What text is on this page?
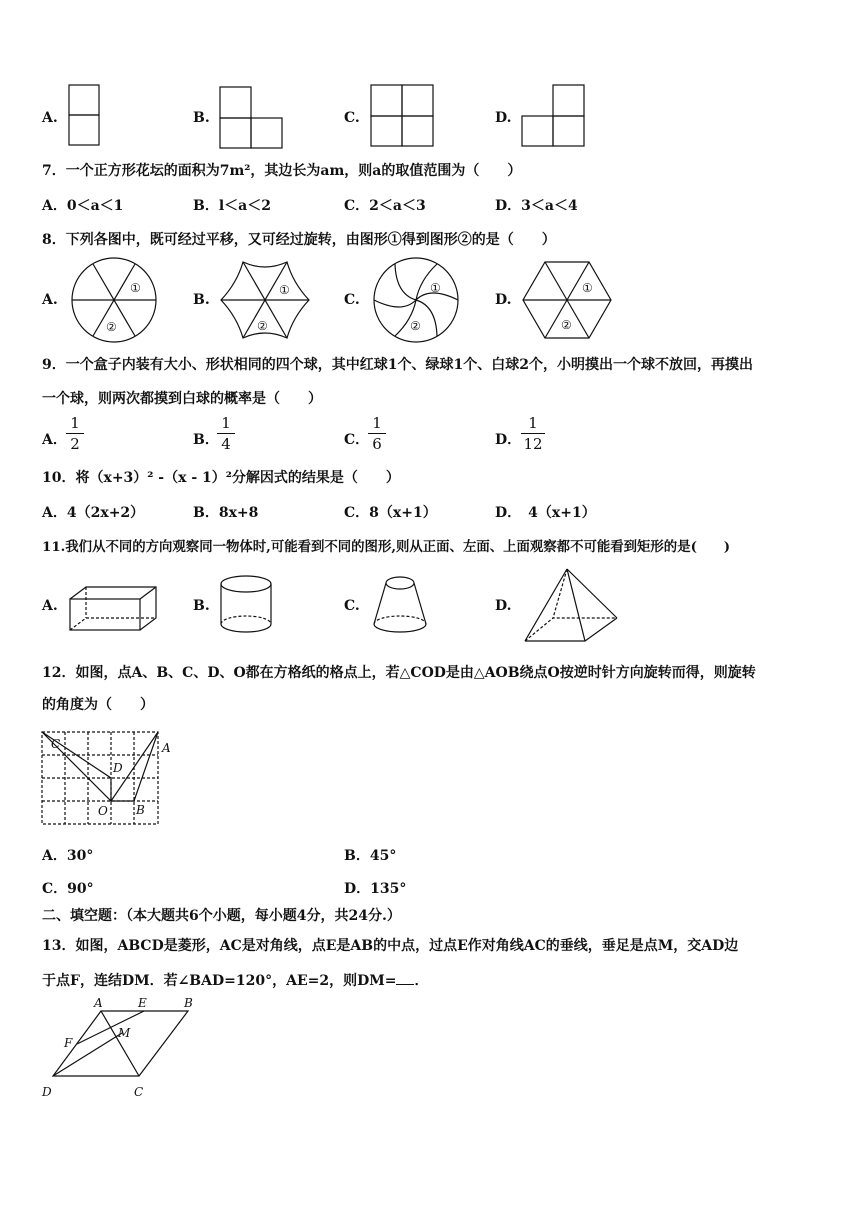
A.	B.	C.	D.
7．一个正方形花坛的面积为7m²，其边长为am，则a的取值范围为（　　）
A．0＜a＜1	B．l＜a＜2	C．2＜a＜3	D．3＜a＜4
8．下列各图中，既可经过平移，又可经过旋转，由图形①得到图形②的是（　　）
A.
①
②
B.
①
②
C.
①
②
D.
①
②
9．一个盒子内装有大小、形状相同的四个球，其中红球1个、绿球1个、白球2个，小明摸出一个球不放回，再摸出
一个球，则两次都摸到白球的概率是（　　）
A．
1
2	B．
1
4	C．
1
6	D．
1
12
10．将（x+3）² -（x - 1）²分解因式的结果是（　　）
A．4（2x+2）	B．8x+8	C．8（x+1）	D．　4（x+1）
11.我们从不同的方向观察同一物体时,可能看到不同的图形,则从正面、左面、上面观察都不可能看到矩形的是(　　)
A.	B.	C.	D.
12．如图，点A、B、C、D、O都在方格纸的格点上，若△COD是由△AOB绕点O按逆时针方向旋转而得，则旋转
的角度为（　　）
C	A
D
O B
A．30°	B．45°
C．90°	D．135°
二、填空题：（本大题共6个小题，每小题4分，共24分.）
13．如图，ABCD是菱形，AC是对角线，点E是AB的中点，过点E作对角线AC的垂线，垂足是点M，交AD边
于点F，连结DM．若∠BAD=120°，AE=2，则DM= ．
A	E	B
F
M
D	C
